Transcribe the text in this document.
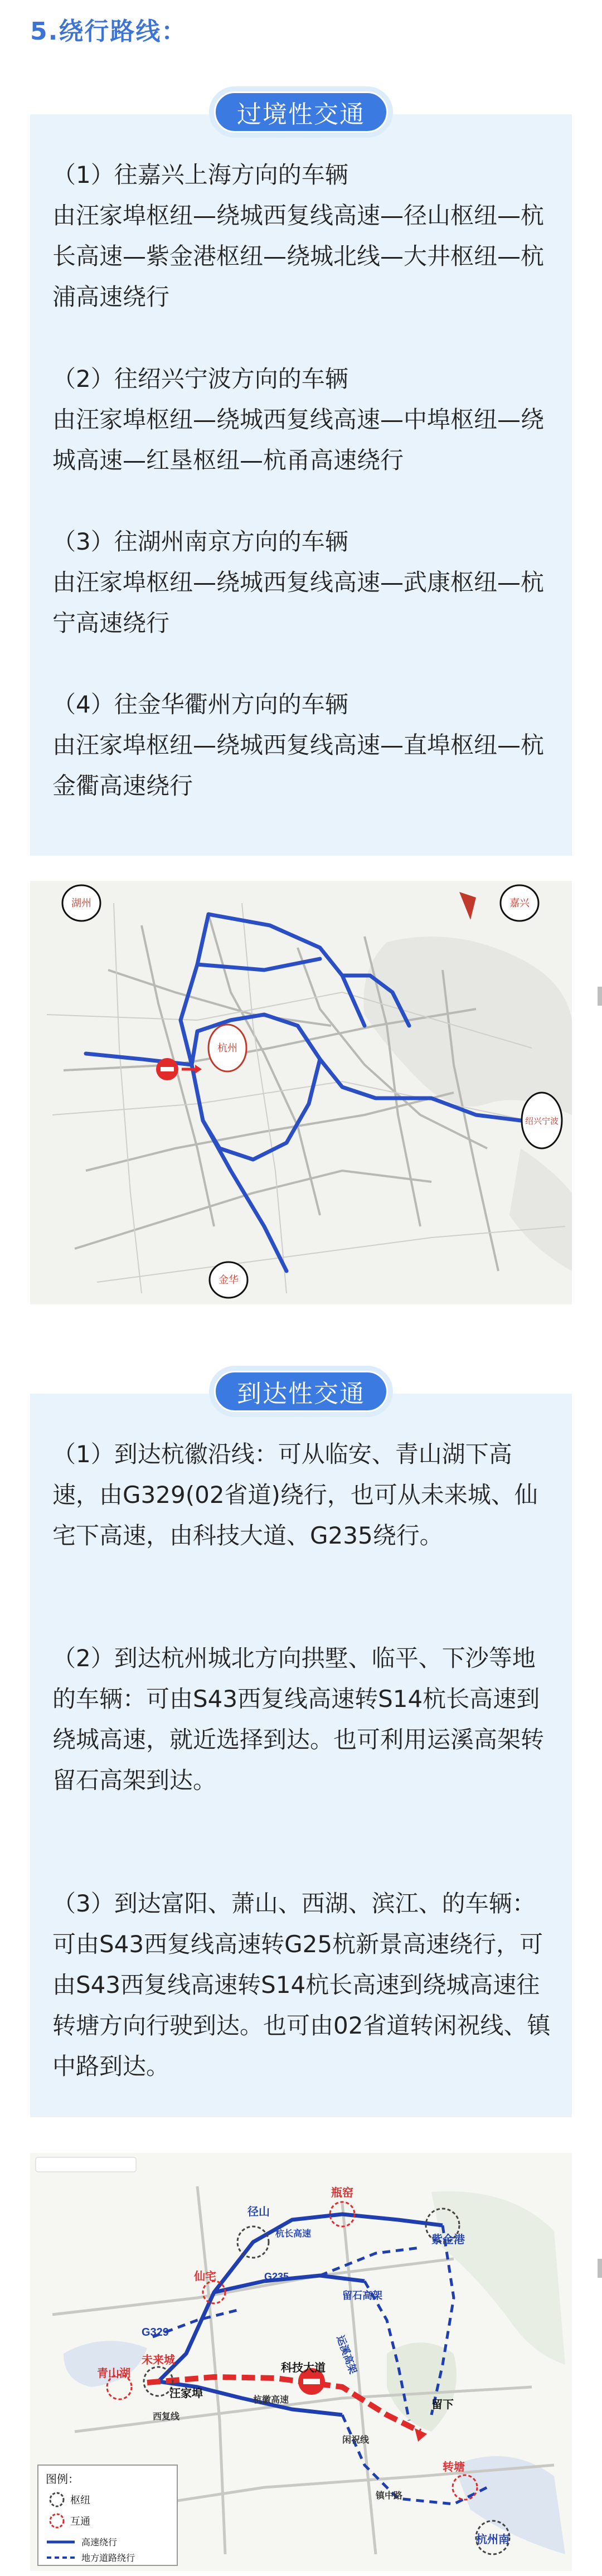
5.绕行路线：
过境性交通

（1）往嘉兴上海方向的车辆
由汪家埠枢纽—绕城西复线高速—径山枢纽—杭长高速—紫金港枢纽—绕城北线—大井枢纽—杭浦高速绕行

（2）往绍兴宁波方向的车辆
由汪家埠枢纽—绕城西复线高速—中埠枢纽—绕城高速—红垦枢纽—杭甬高速绕行

（3）往湖州南京方向的车辆
由汪家埠枢纽—绕城西复线高速—武康枢纽—杭宁高速绕行

（4）往金华衢州方向的车辆
由汪家埠枢纽—绕城西复线高速—直埠枢纽—杭金衢高速绕行

湖州	嘉兴
绍兴宁波
杭州
金华
到达性交通

（1）到达杭徽沿线：可从临安、青山湖下高速，由G329(02省道)绕行，也可从未来城、仙宅下高速，由科技大道、G235绕行。

（2）到达杭州城北方向拱墅、临平、下沙等地的车辆：可由S43西复线高速转S14杭长高速到绕城高速，就近选择到达。也可利用运溪高架转留石高架到达。

（3）到达富阳、萧山、西湖、滨江、的车辆：可由S43西复线高速转G25杭新景高速绕行，可由S43西复线高速转S14杭长高速到绕城高速往转塘方向行驶到达。也可由02省道转闲祝线、镇中路到达。

径山
杭长高速
瓶窑
紫金港
仙宅	G235
留石高架
运溪高架
未来城
G329
青山湖
西复线
汪家埠
科技大道
杭徽高速	留下
闲祝线
镇中路
转塘
杭州南
图例：
枢纽
互通
高速绕行
地方道路绕行
